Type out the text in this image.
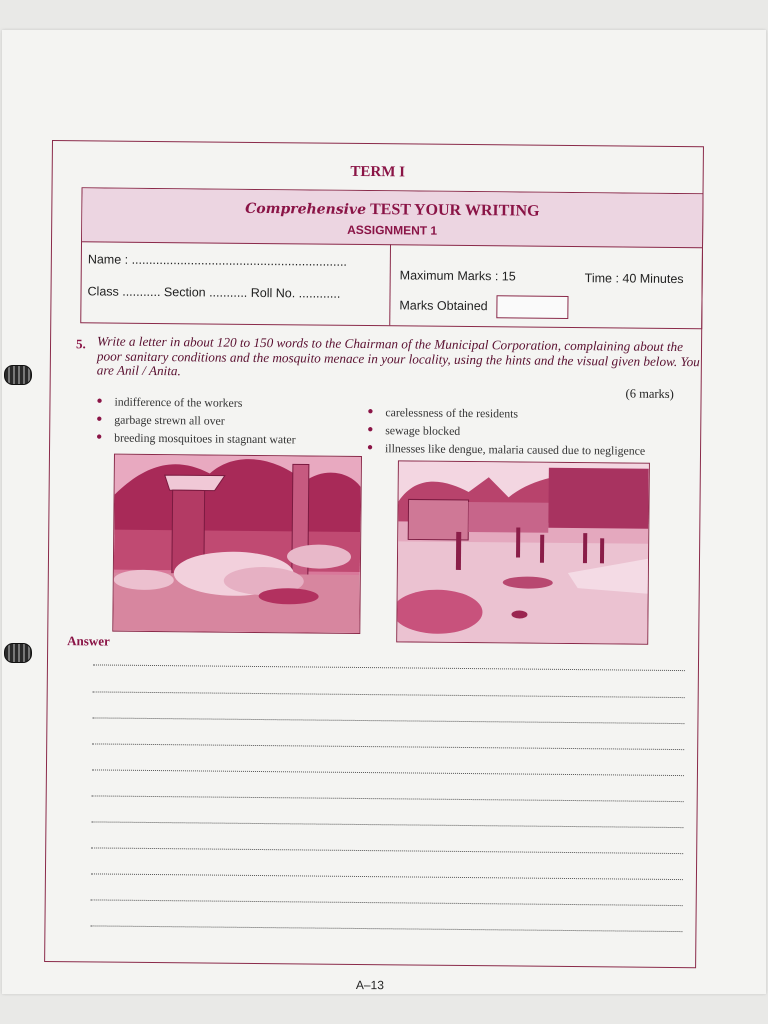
TERM I
Comprehensive TEST YOUR WRITING
ASSIGNMENT 1
Name : ..............................................................
Class ........... Section ........... Roll No. ............
Maximum Marks : 15	Time : 40 Minutes
Marks Obtained
5. Write a letter in about 120 to 150 words to the Chairman of the Municipal Corporation, complaining about the poor sanitary conditions and the mosquito menace in your locality, using the hints and the visual given below. You are Anil / Anita.
(6 marks)
● indifference of the workers
● garbage strewn all over
● breeding mosquitoes in stagnant water
● carelessness of the residents
● sewage blocked
● illnesses like dengue, malaria caused due to negligence
Answer
A–13
